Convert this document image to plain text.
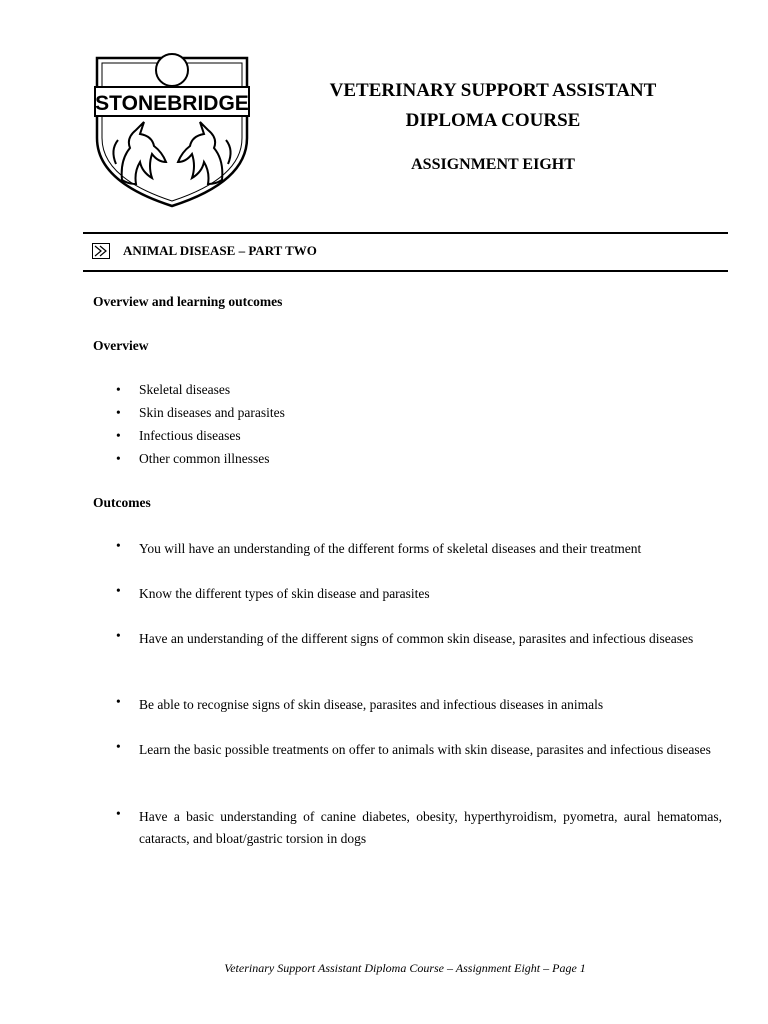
STONEBRIDGE
VETERINARY SUPPORT ASSISTANT
DIPLOMA COURSE
ASSIGNMENT EIGHT
ANIMAL DISEASE – PART TWO
Overview and learning outcomes
Overview
• Skeletal diseases
• Skin diseases and parasites
• Infectious diseases
• Other common illnesses
Outcomes
• You will have an understanding of the different forms of skeletal diseases and their treatment
• Know the different types of skin disease and parasites
• Have an understanding of the different signs of common skin disease, parasites and infectious diseases
• Be able to recognise signs of skin disease, parasites and infectious diseases in animals
• Learn the basic possible treatments on offer to animals with skin disease, parasites and infectious diseases
• Have a basic understanding of canine diabetes, obesity, hyperthyroidism, pyometra, aural hematomas, cataracts, and bloat/gastric torsion in dogs
Veterinary Support Assistant Diploma Course – Assignment Eight – Page 1
